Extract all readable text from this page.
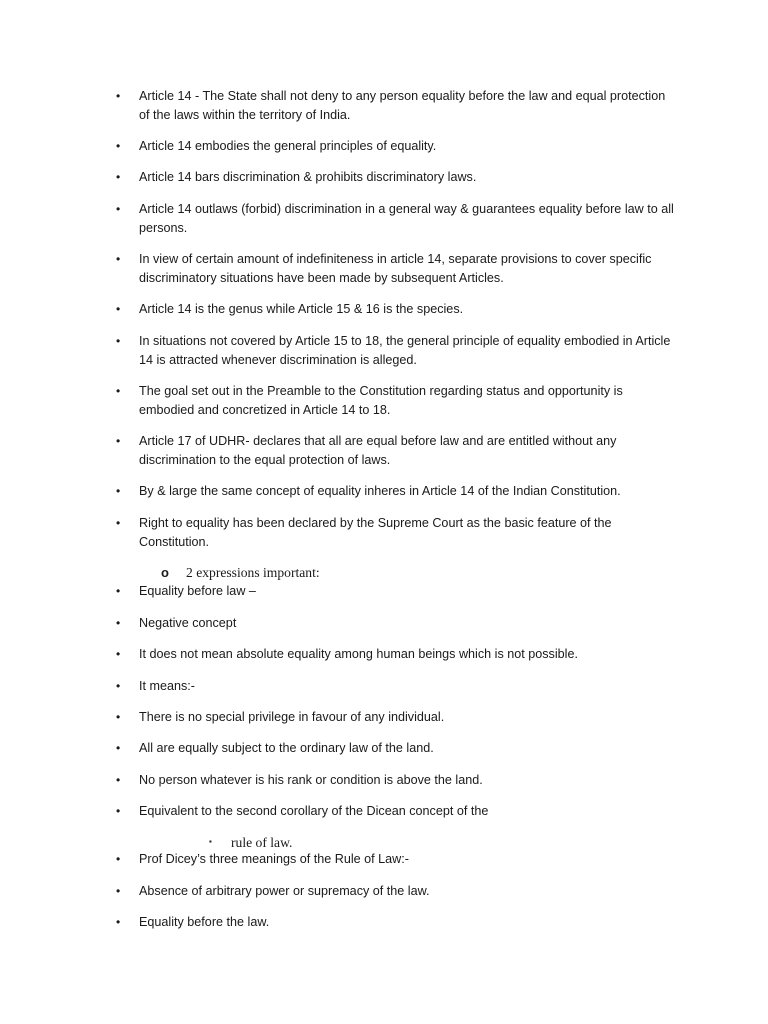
• Article 14 - The State shall not deny to any person equality before the law and equal protection of the laws within the territory of India.
• Article 14 embodies the general principles of equality.
• Article 14 bars discrimination & prohibits discriminatory laws.
• Article 14 outlaws (forbid) discrimination in a general way & guarantees equality before law to all persons.
• In view of certain amount of indefiniteness in article 14, separate provisions to cover specific discriminatory situations have been made by subsequent Articles.
• Article 14 is the genus while Article 15 & 16 is the species.
• In situations not covered by Article 15 to 18, the general principle of equality embodied in Article 14 is attracted whenever discrimination is alleged.
• The goal set out in the Preamble to the Constitution regarding status and opportunity is embodied and concretized in Article 14 to 18.
• Article 17 of UDHR- declares that all are equal before law and are entitled without any discrimination to the equal protection of laws.
• By & large the same concept of equality inheres in Article 14 of the Indian Constitution.
• Right to equality has been declared by the Supreme Court as the basic feature of the Constitution.
o 2 expressions important:
• Equality before law –
• Negative concept
• It does not mean absolute equality among human beings which is not possible.
• It means:-
• There is no special privilege in favour of any individual.
• All are equally subject to the ordinary law of the land.
• No person whatever is his rank or condition is above the land.
• Equivalent to the second corollary of the Dicean concept of the
▪ rule of law.
• Prof Dicey’s three meanings of the Rule of Law:-
• Absence of arbitrary power or supremacy of the law.
• Equality before the law.
